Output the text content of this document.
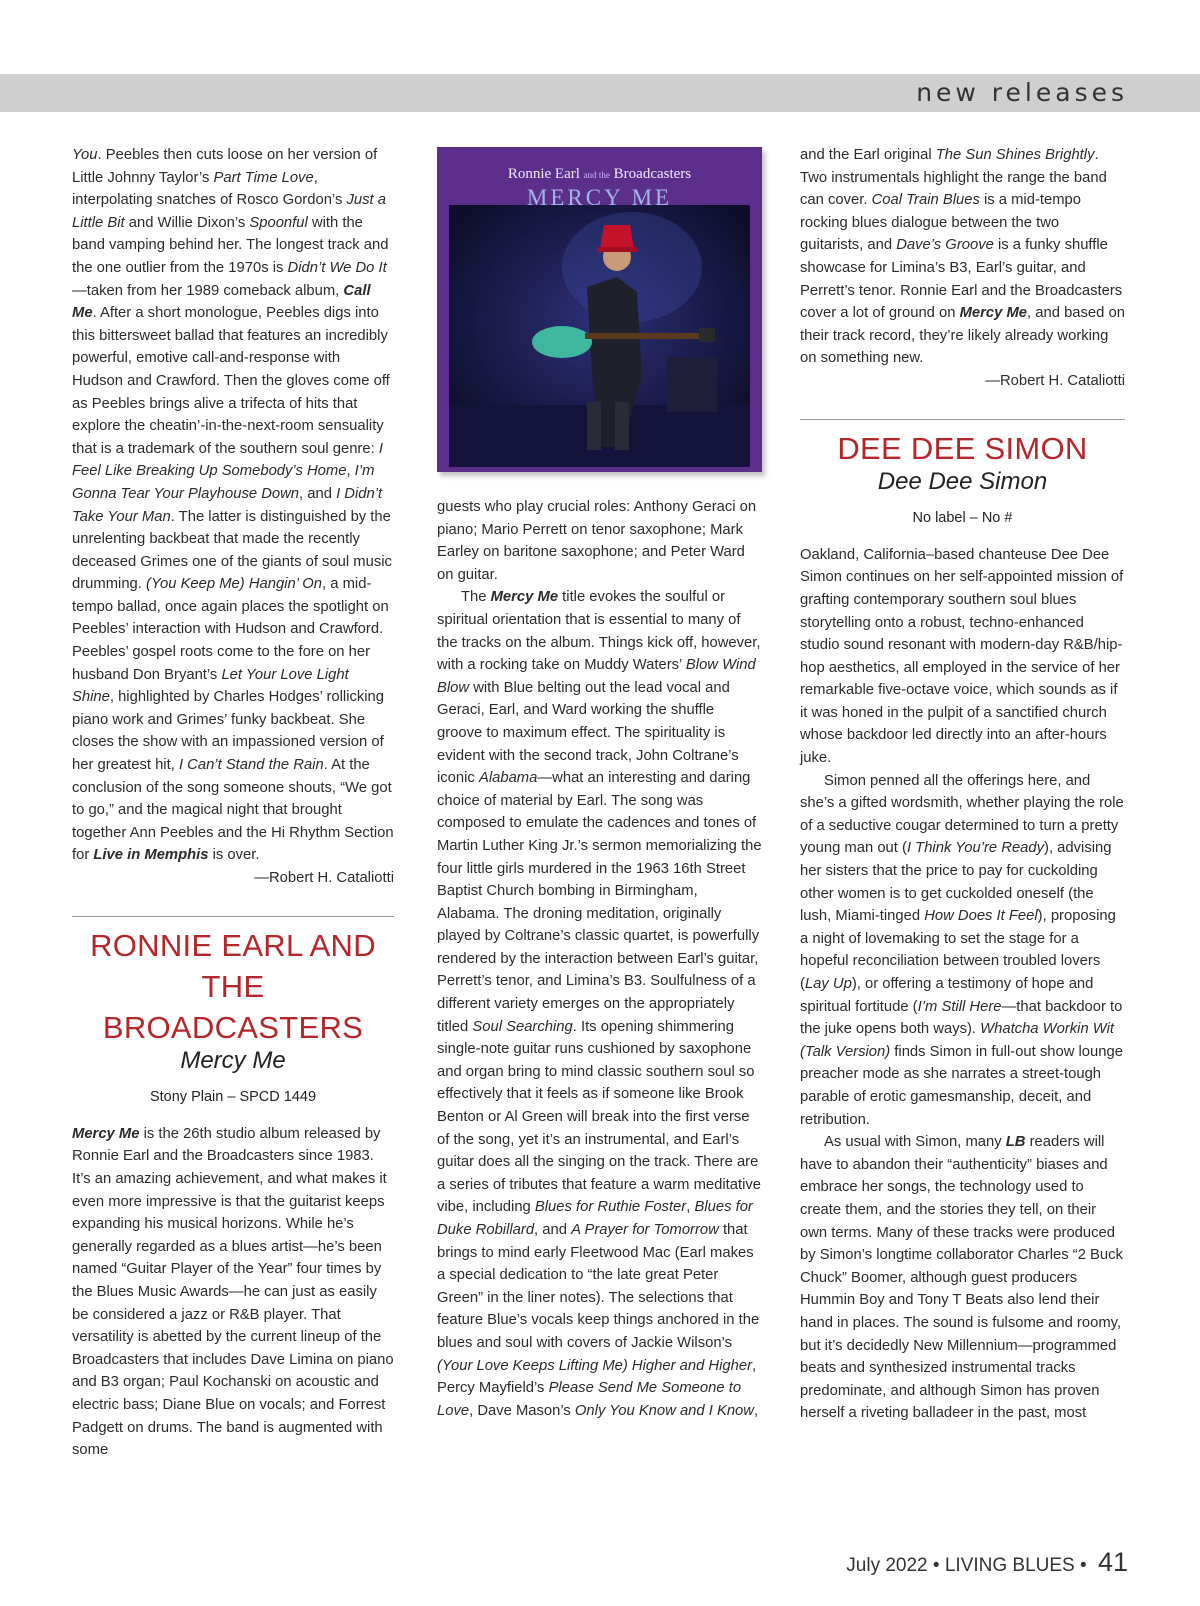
new releases

You. Peebles then cuts loose on her version of Little Johnny Taylor’s Part Time Love, interpolating snatches of Rosco Gordon’s Just a Little Bit and Willie Dixon’s Spoonful with the band vamping behind her. The longest track and the one outlier from the 1970s is Didn’t We Do It—taken from her 1989 comeback album, Call Me. After a short monologue, Peebles digs into this bittersweet ballad that features an incredibly powerful, emotive call-and-response with Hudson and Crawford. Then the gloves come off as Peebles brings alive a trifecta of hits that explore the cheatin’-in-the-next-room sensuality that is a trademark of the southern soul genre: I Feel Like Breaking Up Somebody’s Home, I’m Gonna Tear Your Playhouse Down, and I Didn’t Take Your Man. The latter is distinguished by the unrelenting backbeat that made the recently deceased Grimes one of the giants of soul music drumming. (You Keep Me) Hangin’ On, a mid-tempo ballad, once again places the spotlight on Peebles’ interaction with Hudson and Crawford. Peebles’ gospel roots come to the fore on her husband Don Bryant’s Let Your Love Light Shine, highlighted by Charles Hodges’ rollicking piano work and Grimes’ funky backbeat. She closes the show with an impassioned version of her greatest hit, I Can’t Stand the Rain. At the conclusion of the song someone shouts, “We got to go,” and the magical night that brought together Ann Peebles and the Hi Rhythm Section for Live in Memphis is over.

—Robert H. Cataliotti

RONNIE EARL AND THE BROADCASTERS
Mercy Me
Stony Plain – SPCD 1449

Mercy Me is the 26th studio album released by Ronnie Earl and the Broadcasters since 1983. It’s an amazing achievement, and what makes it even more impressive is that the guitarist keeps expanding his musical horizons. While he’s generally regarded as a blues artist—he’s been named “Guitar Player of the Year” four times by the Blues Music Awards—he can just as easily be considered a jazz or R&B player. That versatility is abetted by the current lineup of the Broadcasters that includes Dave Limina on piano and B3 organ; Paul Kochanski on acoustic and electric bass; Diane Blue on vocals; and Forrest Padgett on drums. The band is augmented with some

Ronnie Earl and the Broadcasters
MERCY ME

guests who play crucial roles: Anthony Geraci on piano; Mario Perrett on tenor saxophone; Mark Earley on baritone saxophone; and Peter Ward on guitar.

The Mercy Me title evokes the soulful or spiritual orientation that is essential to many of the tracks on the album. Things kick off, however, with a rocking take on Muddy Waters’ Blow Wind Blow with Blue belting out the lead vocal and Geraci, Earl, and Ward working the shuffle groove to maximum effect. The spirituality is evident with the second track, John Coltrane’s iconic Alabama—what an interesting and daring choice of material by Earl. The song was composed to emulate the cadences and tones of Martin Luther King Jr.’s sermon memorializing the four little girls murdered in the 1963 16th Street Baptist Church bombing in Birmingham, Alabama. The droning meditation, originally played by Coltrane’s classic quartet, is powerfully rendered by the interaction between Earl’s guitar, Perrett’s tenor, and Limina’s B3. Soulfulness of a different variety emerges on the appropriately titled Soul Searching. Its opening shimmering single-note guitar runs cushioned by saxophone and organ bring to mind classic southern soul so effectively that it feels as if someone like Brook Benton or Al Green will break into the first verse of the song, yet it’s an instrumental, and Earl’s guitar does all the singing on the track. There are a series of tributes that feature a warm meditative vibe, including Blues for Ruthie Foster, Blues for Duke Robillard, and A Prayer for Tomorrow that brings to mind early Fleetwood Mac (Earl makes a special dedication to “the late great Peter Green” in the liner notes). The selections that feature Blue’s vocals keep things anchored in the blues and soul with covers of Jackie Wilson’s (Your Love Keeps Lifting Me) Higher and Higher, Percy Mayfield’s Please Send Me Someone to Love, Dave Mason’s Only You Know and I Know,

and the Earl original The Sun Shines Brightly. Two instrumentals highlight the range the band can cover. Coal Train Blues is a mid-tempo rocking blues dialogue between the two guitarists, and Dave’s Groove is a funky shuffle showcase for Limina’s B3, Earl’s guitar, and Perrett’s tenor. Ronnie Earl and the Broadcasters cover a lot of ground on Mercy Me, and based on their track record, they’re likely already working on something new.

—Robert H. Cataliotti

DEE DEE SIMON
Dee Dee Simon
No label – No #

Oakland, California–based chanteuse Dee Dee Simon continues on her self-appointed mission of grafting contemporary southern soul blues storytelling onto a robust, techno-enhanced studio sound resonant with modern-day R&B/hip-hop aesthetics, all employed in the service of her remarkable five-octave voice, which sounds as if it was honed in the pulpit of a sanctified church whose backdoor led directly into an after-hours juke.

Simon penned all the offerings here, and she’s a gifted wordsmith, whether playing the role of a seductive cougar determined to turn a pretty young man out (I Think You’re Ready), advising her sisters that the price to pay for cuckolding other women is to get cuckolded oneself (the lush, Miami-tinged How Does It Feel), proposing a night of lovemaking to set the stage for a hopeful reconciliation between troubled lovers (Lay Up), or offering a testimony of hope and spiritual fortitude (I’m Still Here—that backdoor to the juke opens both ways). Whatcha Workin Wit (Talk Version) finds Simon in full-out show lounge preacher mode as she narrates a street-tough parable of erotic gamesmanship, deceit, and retribution.

As usual with Simon, many LB readers will have to abandon their “authenticity” biases and embrace her songs, the technology used to create them, and the stories they tell, on their own terms. Many of these tracks were produced by Simon’s longtime collaborator Charles “2 Buck Chuck” Boomer, although guest producers Hummin Boy and Tony T Beats also lend their hand in places. The sound is fulsome and roomy, but it’s decidedly New Millennium—programmed beats and synthesized instrumental tracks predominate, and although Simon has proven herself a riveting balladeer in the past, most

July 2022 • LIVING BLUES • 41
